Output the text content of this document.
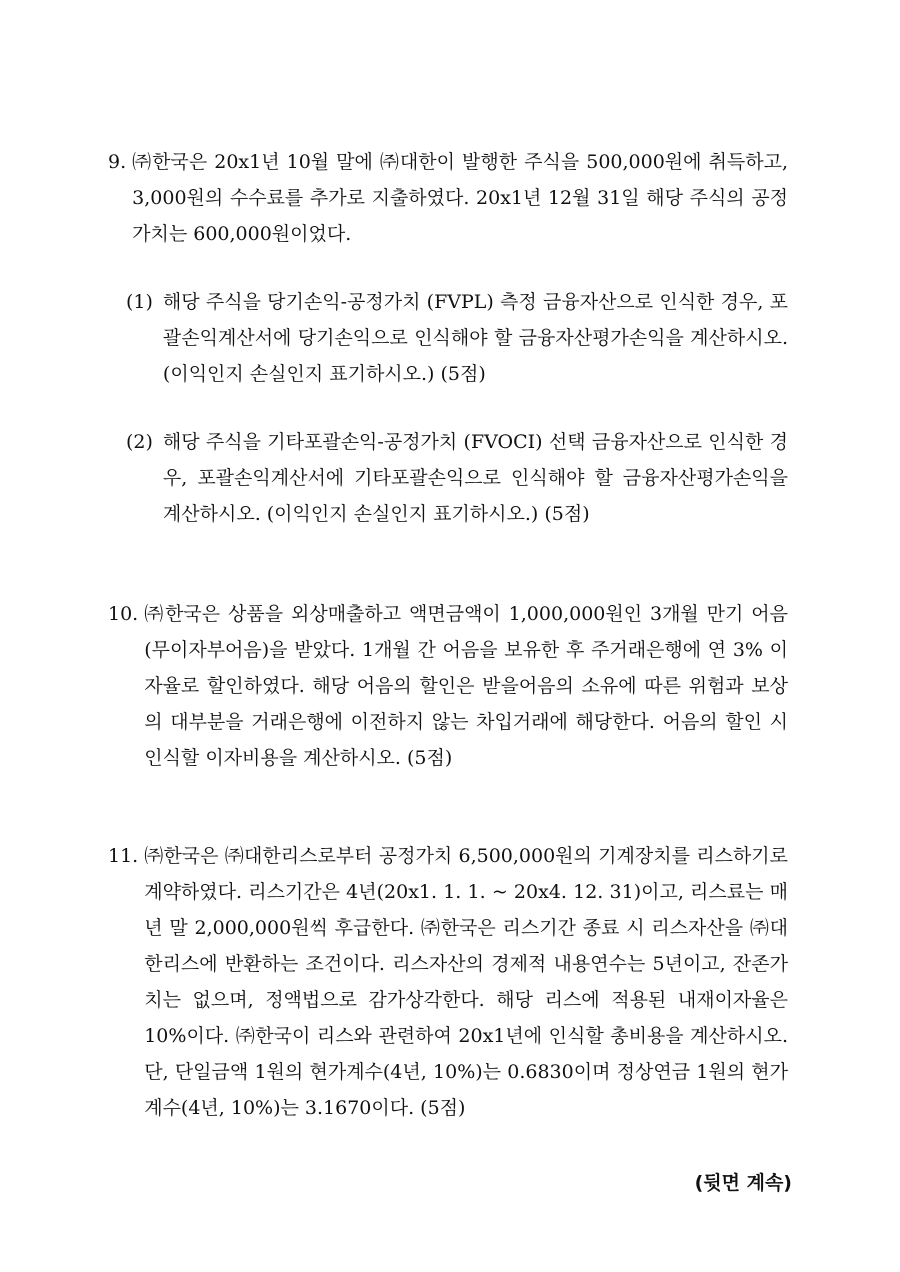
9. ㈜한국은 20x1년 10월 말에 ㈜대한이 발행한 주식을 500,000원에 취득하고, 3,000원의 수수료를 추가로 지출하였다. 20x1년 12월 31일 해당 주식의 공정가치는 600,000원이었다.
(1) 해당 주식을 당기손익-공정가치 (FVPL) 측정 금융자산으로 인식한 경우, 포괄손익계산서에 당기손익으로 인식해야 할 금융자산평가손익을 계산하시오. (이익인지 손실인지 표기하시오.) (5점)
(2) 해당 주식을 기타포괄손익-공정가치 (FVOCI) 선택 금융자산으로 인식한 경우, 포괄손익계산서에 기타포괄손익으로 인식해야 할 금융자산평가손익을 계산하시오. (이익인지 손실인지 표기하시오.) (5점)
10. ㈜한국은 상품을 외상매출하고 액면금액이 1,000,000원인 3개월 만기 어음(무이자부어음)을 받았다. 1개월 간 어음을 보유한 후 주거래은행에 연 3% 이자율로 할인하였다. 해당 어음의 할인은 받을어음의 소유에 따른 위험과 보상의 대부분을 거래은행에 이전하지 않는 차입거래에 해당한다. 어음의 할인 시 인식할 이자비용을 계산하시오. (5점)
11. ㈜한국은 ㈜대한리스로부터 공정가치 6,500,000원의 기계장치를 리스하기로 계약하였다. 리스기간은 4년(20x1. 1. 1. ~ 20x4. 12. 31)이고, 리스료는 매년 말 2,000,000원씩 후급한다. ㈜한국은 리스기간 종료 시 리스자산을 ㈜대한리스에 반환하는 조건이다. 리스자산의 경제적 내용연수는 5년이고, 잔존가치는 없으며, 정액법으로 감가상각한다. 해당 리스에 적용된 내재이자율은 10%이다. ㈜한국이 리스와 관련하여 20x1년에 인식할 총비용을 계산하시오. 단, 단일금액 1원의 현가계수(4년, 10%)는 0.6830이며 정상연금 1원의 현가계수(4년, 10%)는 3.1670이다. (5점)
(뒷면 계속)
